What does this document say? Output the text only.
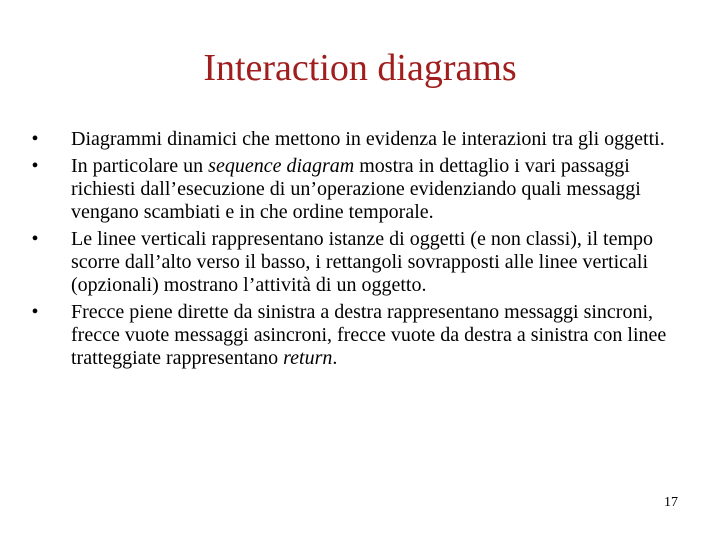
Interaction diagrams
• Diagrammi dinamici che mettono in evidenza le interazioni tra gli oggetti.
• In particolare un sequence diagram mostra in dettaglio i vari passaggi richiesti dall’esecuzione di un’operazione evidenziando quali messaggi vengano scambiati e in che ordine temporale.
• Le linee verticali rappresentano istanze di oggetti (e non classi), il tempo scorre dall’alto verso il basso, i rettangoli sovrapposti alle linee verticali (opzionali) mostrano l’attività di un oggetto.
• Frecce piene dirette da sinistra a destra rappresentano messaggi sincroni, frecce vuote messaggi asincroni, frecce vuote da destra a sinistra con linee tratteggiate rappresentano return.
17
